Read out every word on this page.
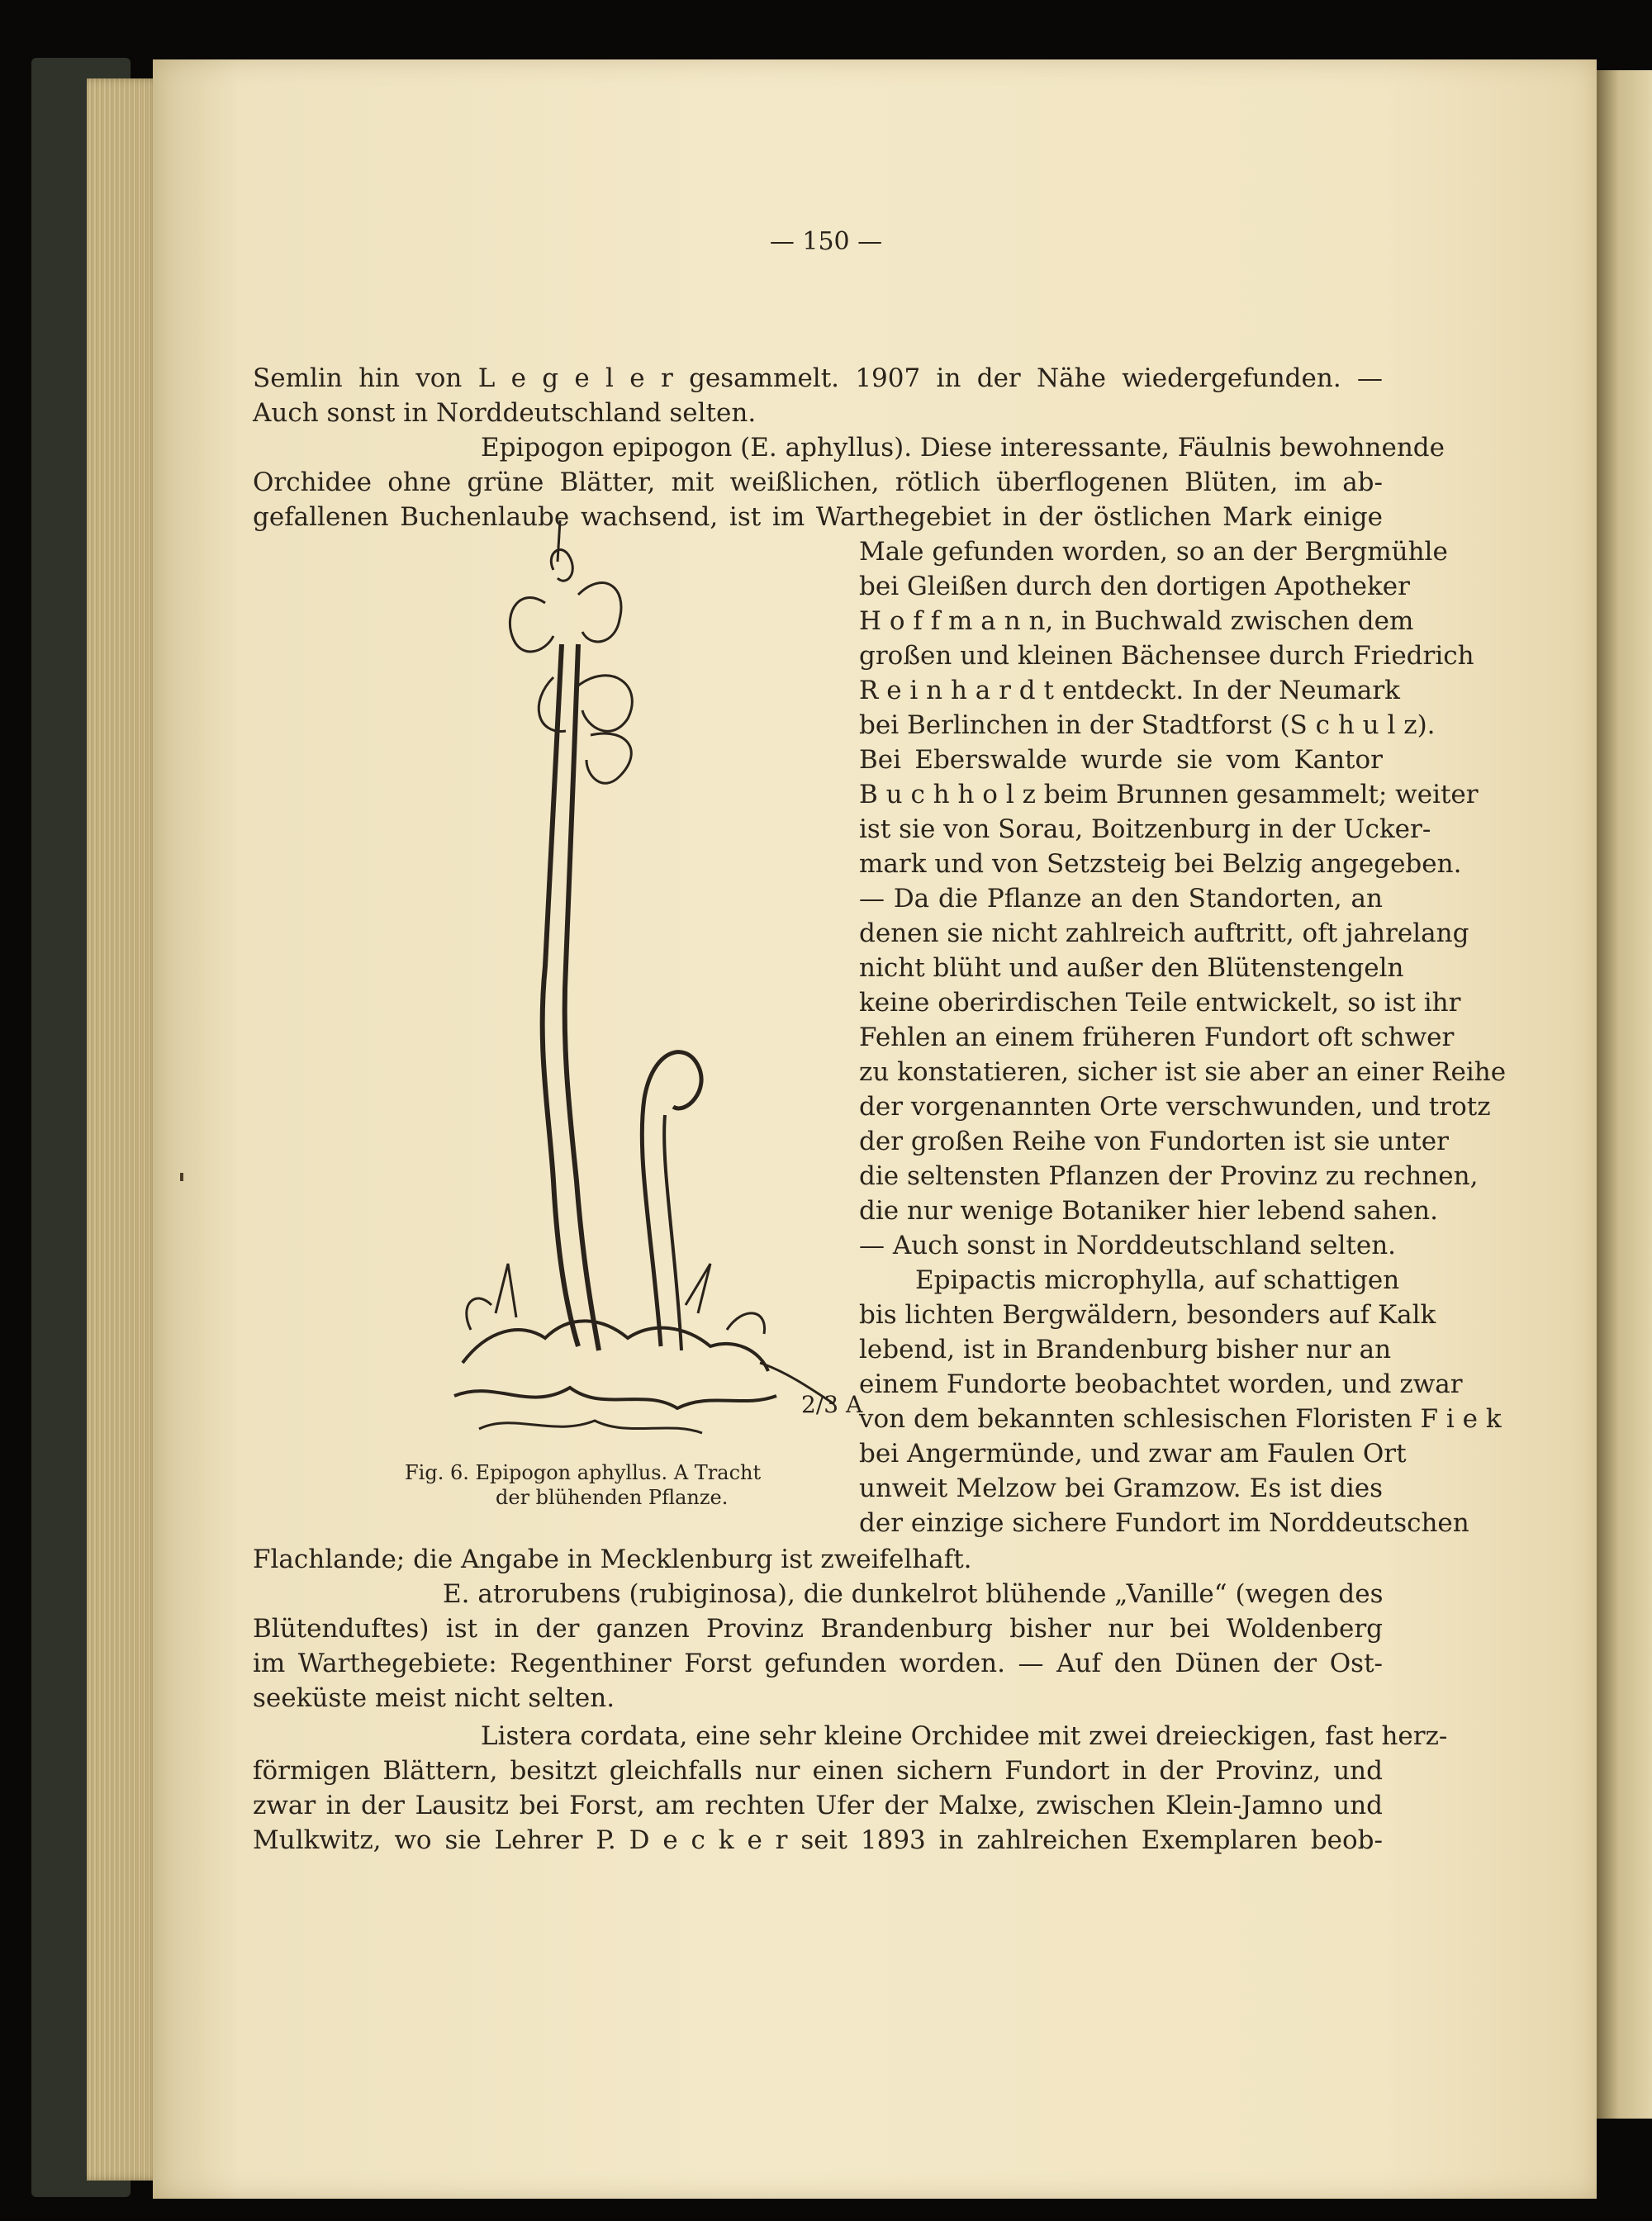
— 150 —
Semlin hin von L e g e l e r gesammelt. 1907 in der Nähe wiedergefunden. —
Auch sonst in Norddeutschland selten.
Epipogon epipogon (E. aphyllus). Diese interessante, Fäulnis bewohnende
Orchidee ohne grüne Blätter, mit weißlichen, rötlich überflogenen Blüten, im ab-
gefallenen Buchenlaube wachsend, ist im Warthegebiet in der östlichen Mark einige
Male gefunden worden, so an der Bergmühle
bei Gleißen durch den dortigen Apotheker
H o f f m a n n, in Buchwald zwischen dem
großen und kleinen Bächensee durch Friedrich
R e i n h a r d t entdeckt. In der Neumark
bei Berlinchen in der Stadtforst (S c h u l z).
Bei Eberswalde wurde sie vom Kantor
B u c h h o l z beim Brunnen gesammelt; weiter
ist sie von Sorau, Boitzenburg in der Ucker-
mark und von Setzsteig bei Belzig angegeben.
— Da die Pflanze an den Standorten, an
denen sie nicht zahlreich auftritt, oft jahrelang
nicht blüht und außer den Blütenstengeln
keine oberirdischen Teile entwickelt, so ist ihr
Fehlen an einem früheren Fundort oft schwer
zu konstatieren, sicher ist sie aber an einer Reihe
der vorgenannten Orte verschwunden, und trotz
der großen Reihe von Fundorten ist sie unter
die seltensten Pflanzen der Provinz zu rechnen,
die nur wenige Botaniker hier lebend sahen.
— Auch sonst in Norddeutschland selten.
Epipactis microphylla, auf schattigen
bis lichten Bergwäldern, besonders auf Kalk
lebend, ist in Brandenburg bisher nur an
einem Fundorte beobachtet worden, und zwar
von dem bekannten schlesischen Floristen F i e k
bei Angermünde, und zwar am Faulen Ort
unweit Melzow bei Gramzow. Es ist dies
der einzige sichere Fundort im Norddeutschen
Flachlande; die Angabe in Mecklenburg ist zweifelhaft.
E. atrorubens (rubiginosa), die dunkelrot blühende „Vanille“ (wegen des
Blütenduftes) ist in der ganzen Provinz Brandenburg bisher nur bei Woldenberg
im Warthegebiete: Regenthiner Forst gefunden worden. — Auf den Dünen der Ost-
seeküste meist nicht selten.
Listera cordata, eine sehr kleine Orchidee mit zwei dreieckigen, fast herz-
förmigen Blättern, besitzt gleichfalls nur einen sichern Fundort in der Provinz, und
zwar in der Lausitz bei Forst, am rechten Ufer der Malxe, zwischen Klein-Jamno und
Mulkwitz, wo sie Lehrer P. D e c k e r seit 1893 in zahlreichen Exemplaren beob-
2/3 A
Fig. 6. Epipogon aphyllus. A Tracht
der blühenden Pflanze.
